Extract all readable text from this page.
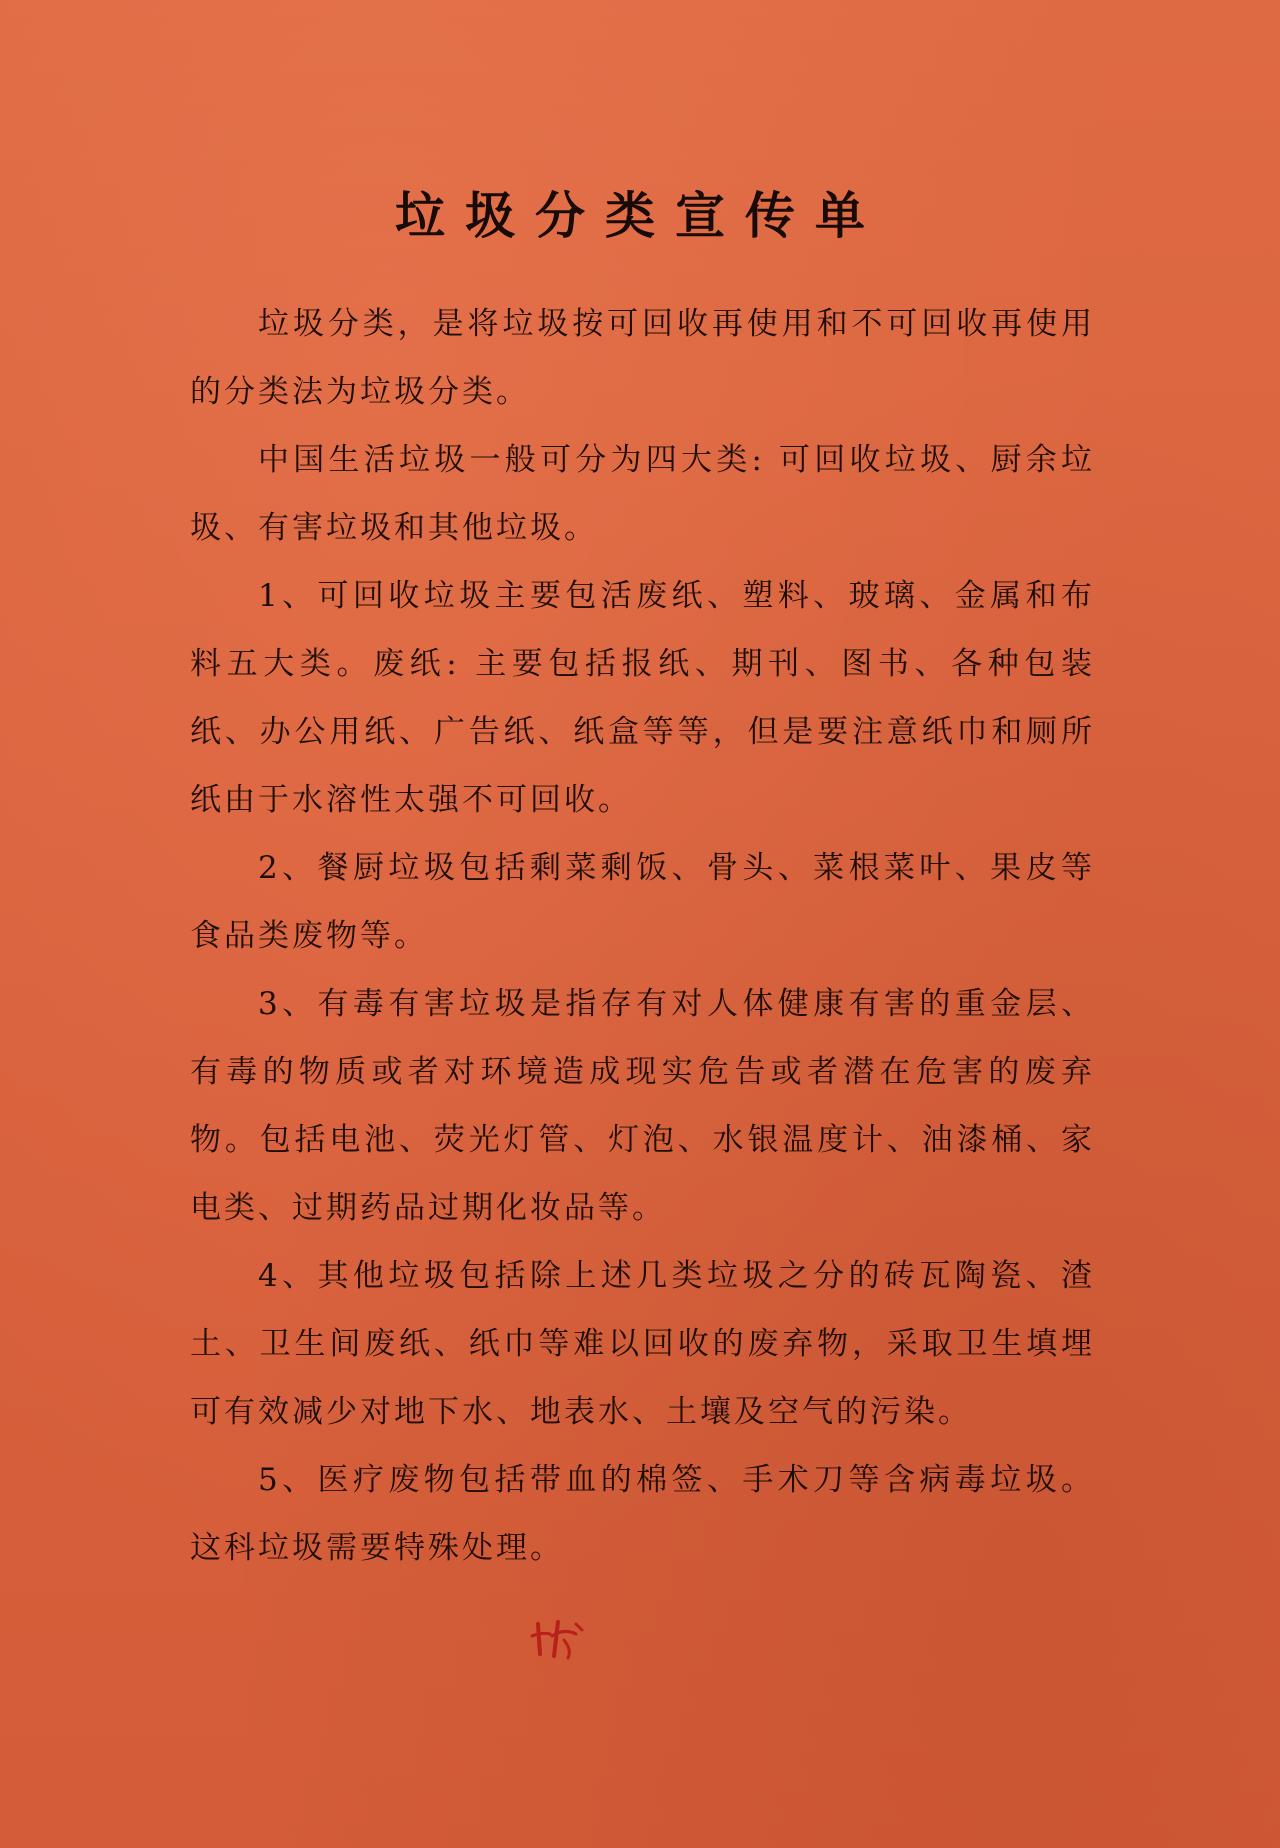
垃圾分类宣传单

垃圾分类，是将垃圾按可回收再使用和不可回收再使用的分类法为垃圾分类。

中国生活垃圾一般可分为四大类: 可回收垃圾、厨余垃圾、有害垃圾和其他垃圾。

1、可回收垃圾主要包活废纸、塑料、玻璃、金属和布料五大类。废纸: 主要包括报纸、期刊、图书、各种包装纸、办公用纸、广告纸、纸盒等等，但是要注意纸巾和厕所纸由于水溶性太强不可回收。

2、餐厨垃圾包括剩菜剩饭、骨头、菜根菜叶、果皮等食品类废物等。

3、有毒有害垃圾是指存有对人体健康有害的重金层、有毒的物质或者对环境造成现实危告或者潜在危害的废弃物。包括电池、荧光灯管、灯泡、水银温度计、油漆桶、家电类、过期药品过期化妆品等。

4、其他垃圾包括除上述几类垃圾之分的砖瓦陶瓷、渣土、卫生间废纸、纸巾等难以回收的废弃物，采取卫生填埋可有效减少对地下水、地表水、土壤及空气的污染。

5、医疗废物包括带血的棉签、手术刀等含病毒垃圾。这科垃圾需要特殊处理。
